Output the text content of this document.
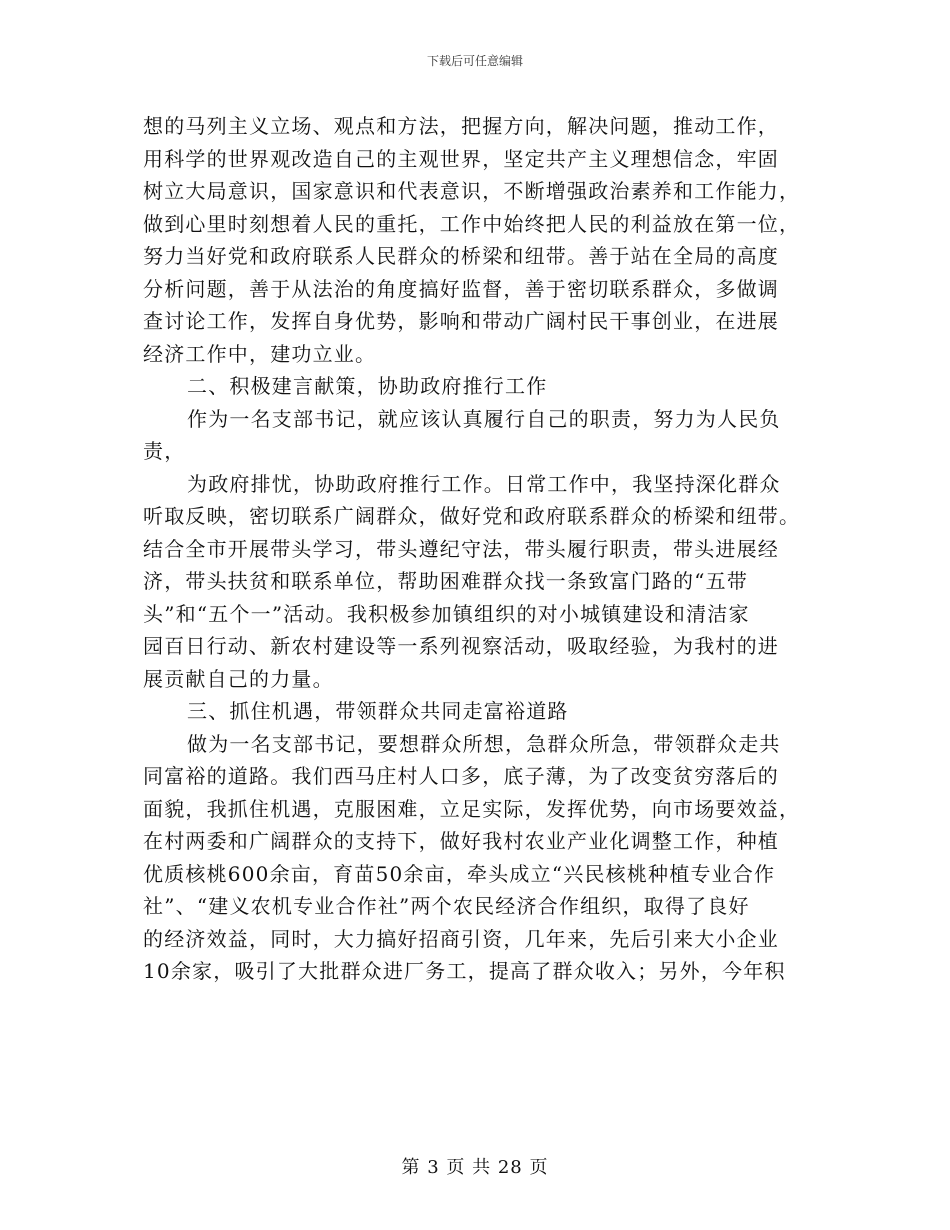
下载后可任意编辑
想的马列主义立场、观点和方法，把握方向，解决问题，推动工作，
用科学的世界观改造自己的主观世界，坚定共产主义理想信念，牢固
树立大局意识，国家意识和代表意识，不断增强政治素养和工作能力，
做到心里时刻想着人民的重托，工作中始终把人民的利益放在第一位，
努力当好党和政府联系人民群众的桥梁和纽带。善于站在全局的高度
分析问题，善于从法治的角度搞好监督，善于密切联系群众，多做调
查讨论工作，发挥自身优势，影响和带动广阔村民干事创业，在进展
经济工作中，建功立业。
二、积极建言献策，协助政府推行工作
作为一名支部书记，就应该认真履行自己的职责，努力为人民负
责，
为政府排忧，协助政府推行工作。日常工作中，我坚持深化群众
听取反映，密切联系广阔群众，做好党和政府联系群众的桥梁和纽带。
结合全市开展带头学习，带头遵纪守法，带头履行职责，带头进展经
济，带头扶贫和联系单位，帮助困难群众找一条致富门路的“五带
头”和“五个一”活动。我积极参加镇组织的对小城镇建设和清洁家
园百日行动、新农村建设等一系列视察活动，吸取经验，为我村的进
展贡献自己的力量。
三、抓住机遇，带领群众共同走富裕道路
做为一名支部书记，要想群众所想，急群众所急，带领群众走共
同富裕的道路。我们西马庄村人口多，底子薄，为了改变贫穷落后的
面貌，我抓住机遇，克服困难，立足实际，发挥优势，向市场要效益，
在村两委和广阔群众的支持下，做好我村农业产业化调整工作，种植
优质核桃600余亩，育苗50余亩，牵头成立“兴民核桃种植专业合作
社”、“建义农机专业合作社”两个农民经济合作组织，取得了良好
的经济效益，同时，大力搞好招商引资，几年来，先后引来大小企业
10余家，吸引了大批群众进厂务工，提高了群众收入；另外，今年积
第 3 页 共 28 页
